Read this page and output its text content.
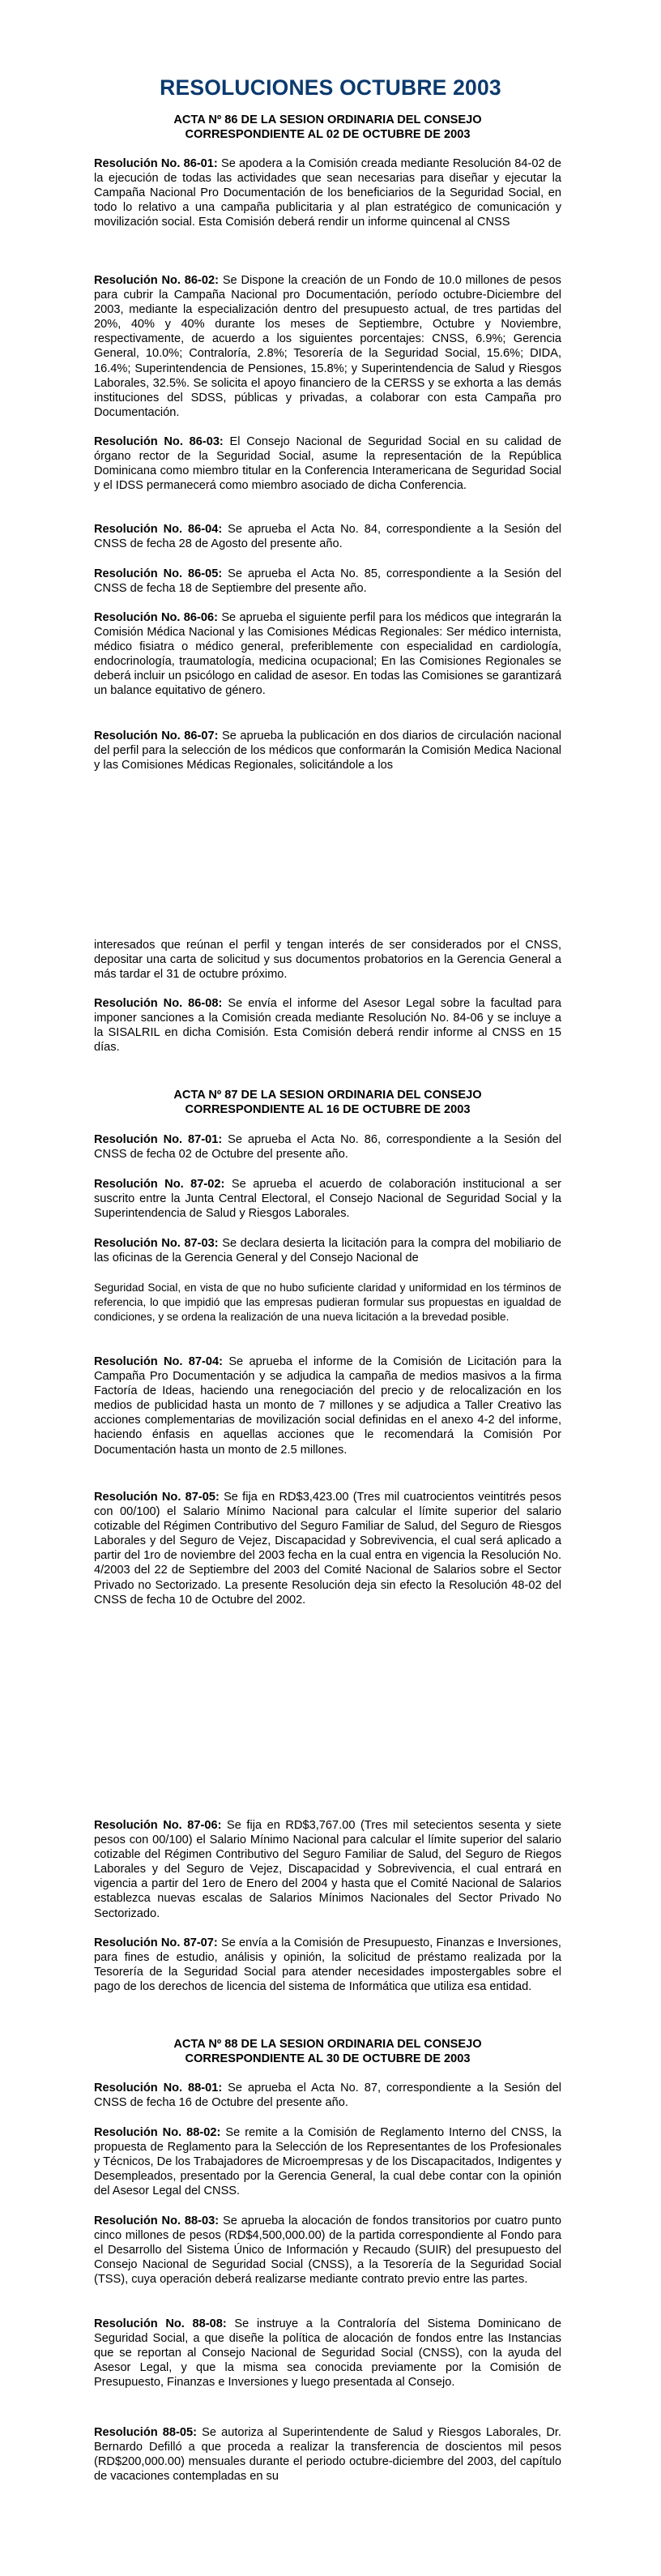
RESOLUCIONES OCTUBRE 2003

ACTA Nº 86 DE LA SESION ORDINARIA DEL CONSEJO

CORRESPONDIENTE AL 02 DE OCTUBRE DE 2003

Resolución No. 86-01: Se apodera a la Comisión creada mediante Resolución 84-02 de la ejecución de todas las actividades que sean necesarias para diseñar y ejecutar la Campaña Nacional Pro Documentación de los beneficiarios de la Seguridad Social, en todo lo relativo a una campaña publicitaria y al plan estratégico de comunicación y movilización social. Esta Comisión deberá rendir un informe quincenal al CNSS

Resolución No. 86-02: Se Dispone la creación de un Fondo de 10.0 millones de pesos para cubrir la Campaña Nacional pro Documentación, período octubre-Diciembre del 2003, mediante la especialización dentro del presupuesto actual, de tres partidas del 20%, 40% y 40% durante los meses de Septiembre, Octubre y Noviembre, respectivamente, de acuerdo a los siguientes porcentajes: CNSS, 6.9%; Gerencia General, 10.0%; Contraloría, 2.8%; Tesorería de la Seguridad Social, 15.6%; DIDA, 16.4%; Superintendencia de Pensiones, 15.8%; y Superintendencia de Salud y Riesgos Laborales, 32.5%. Se solicita el apoyo financiero de la CERSS y se exhorta a las demás instituciones del SDSS, públicas y privadas, a colaborar con esta Campaña pro Documentación.

Resolución No. 86-03: El Consejo Nacional de Seguridad Social en su calidad de órgano rector de la Seguridad Social, asume la representación de la República Dominicana como miembro titular en la Conferencia Interamericana de Seguridad Social y el IDSS permanecerá como miembro asociado de dicha Conferencia.

Resolución No. 86-04: Se aprueba el Acta No. 84, correspondiente a la Sesión del CNSS de fecha 28 de Agosto del presente año.

Resolución No. 86-05: Se aprueba el Acta No. 85, correspondiente a la Sesión del CNSS de fecha 18 de Septiembre del presente año.

Resolución No. 86-06: Se aprueba el siguiente perfil para los médicos que integrarán la Comisión Médica Nacional y las Comisiones Médicas Regionales: Ser médico internista, médico fisiatra o médico general, preferiblemente con especialidad en cardiología, endocrinología, traumatología, medicina ocupacional; En las Comisiones Regionales se deberá incluir un psicólogo en calidad de asesor. En todas las Comisiones se garantizará un balance equitativo de género.

Resolución No. 86-07: Se aprueba la publicación en dos diarios de circulación nacional del perfil para la selección de los médicos que conformarán la Comisión Medica Nacional y las Comisiones Médicas Regionales, solicitándole a los

interesados que reúnan el perfil y tengan interés de ser considerados por el CNSS, depositar una carta de solicitud y sus documentos probatorios en la Gerencia General a más tardar el 31 de octubre próximo.

Resolución No. 86-08: Se envía el informe del Asesor Legal sobre la facultad para imponer sanciones a la Comisión creada mediante Resolución No. 84-06 y se incluye a la SISALRIL en dicha Comisión. Esta Comisión deberá rendir informe al CNSS en 15 días.

ACTA Nº 87 DE LA SESION ORDINARIA DEL CONSEJO

CORRESPONDIENTE AL 16 DE OCTUBRE DE 2003

Resolución No. 87-01: Se aprueba el Acta No. 86, correspondiente a la Sesión del CNSS de fecha 02 de Octubre del presente año.

Resolución No. 87-02: Se aprueba el acuerdo de colaboración institucional a ser suscrito entre la Junta Central Electoral, el Consejo Nacional de Seguridad Social y la Superintendencia de Salud y Riesgos Laborales.

Resolución No. 87-03: Se declara desierta la licitación para la compra del mobiliario de las oficinas de la Gerencia General y del Consejo Nacional de

Seguridad Social, en vista de que no hubo suficiente claridad y uniformidad en los términos de referencia, lo que impidió que las empresas pudieran formular sus propuestas en igualdad de condiciones, y se ordena la realización de una nueva licitación a la brevedad posible.

Resolución No. 87-04: Se aprueba el informe de la Comisión de Licitación para la Campaña Pro Documentación y se adjudica la campaña de medios masivos a la firma Factoría de Ideas, haciendo una renegociación del precio y de relocalización en los medios de publicidad hasta un monto de 7 millones y se adjudica a Taller Creativo las acciones complementarias de movilización social definidas en el anexo 4-2 del informe, haciendo énfasis en aquellas acciones que le recomendará la Comisión Por Documentación hasta un monto de 2.5 millones.

Resolución No. 87-05: Se fija en RD$3,423.00 (Tres mil cuatrocientos veintitrés pesos con 00/100) el Salario Mínimo Nacional para calcular el límite superior del salario cotizable del Régimen Contributivo del Seguro Familiar de Salud, del Seguro de Riesgos Laborales y del Seguro de Vejez, Discapacidad y Sobrevivencia, el cual será aplicado a partir del 1ro de noviembre del 2003 fecha en la cual entra en vigencia la Resolución No. 4/2003 del 22 de Septiembre del 2003 del Comité Nacional de Salarios sobre el Sector Privado no Sectorizado. La presente Resolución deja sin efecto la Resolución 48-02 del CNSS de fecha 10 de Octubre del 2002.

Resolución No. 87-06: Se fija en RD$3,767.00 (Tres mil setecientos sesenta y siete pesos con 00/100) el Salario Mínimo Nacional para calcular el límite superior del salario cotizable del Régimen Contributivo del Seguro Familiar de Salud, del Seguro de Riegos Laborales y del Seguro de Vejez, Discapacidad y Sobrevivencia, el cual entrará en vigencia a partir del 1ero de Enero del 2004 y hasta que el Comité Nacional de Salarios establezca nuevas escalas de Salarios Mínimos Nacionales del Sector Privado No Sectorizado.

Resolución No. 87-07: Se envía a la Comisión de Presupuesto, Finanzas e Inversiones, para fines de estudio, análisis y opinión, la solicitud de préstamo realizada por la Tesorería de la Seguridad Social para atender necesidades impostergables sobre el pago de los derechos de licencia del sistema de Informática que utiliza esa entidad.

ACTA Nº 88 DE LA SESION ORDINARIA DEL CONSEJO

CORRESPONDIENTE AL 30 DE OCTUBRE DE 2003

Resolución No. 88-01: Se aprueba el Acta No. 87, correspondiente a la Sesión del CNSS de fecha 16 de Octubre del presente año.

Resolución No. 88-02: Se remite a la Comisión de Reglamento Interno del CNSS, la propuesta de Reglamento para la Selección de los Representantes de los Profesionales y Técnicos, De los Trabajadores de Microempresas y de los Discapacitados, Indigentes y Desempleados, presentado por la Gerencia General, la cual debe contar con la opinión del Asesor Legal del CNSS.

Resolución No. 88-03: Se aprueba la alocación de fondos transitorios por cuatro punto cinco millones de pesos (RD$4,500,000.00) de la partida correspondiente al Fondo para el Desarrollo del Sistema Único de Información y Recaudo (SUIR) del presupuesto del Consejo Nacional de Seguridad Social (CNSS), a la Tesorería de la Seguridad Social (TSS), cuya operación deberá realizarse mediante contrato previo entre las partes.

Resolución No. 88-08: Se instruye a la Contraloría del Sistema Dominicano de Seguridad Social, a que diseñe la política de alocación de fondos entre las Instancias que se reportan al Consejo Nacional de Seguridad Social (CNSS), con la ayuda del Asesor Legal, y que la misma sea conocida previamente por la Comisión de Presupuesto, Finanzas e Inversiones y luego presentada al Consejo.

Resolución 88-05: Se autoriza al Superintendente de Salud y Riesgos Laborales, Dr. Bernardo Defilló a que proceda a realizar la transferencia de doscientos mil pesos (RD$200,000.00) mensuales durante el periodo octubre-diciembre del 2003, del capítulo de vacaciones contempladas en su
